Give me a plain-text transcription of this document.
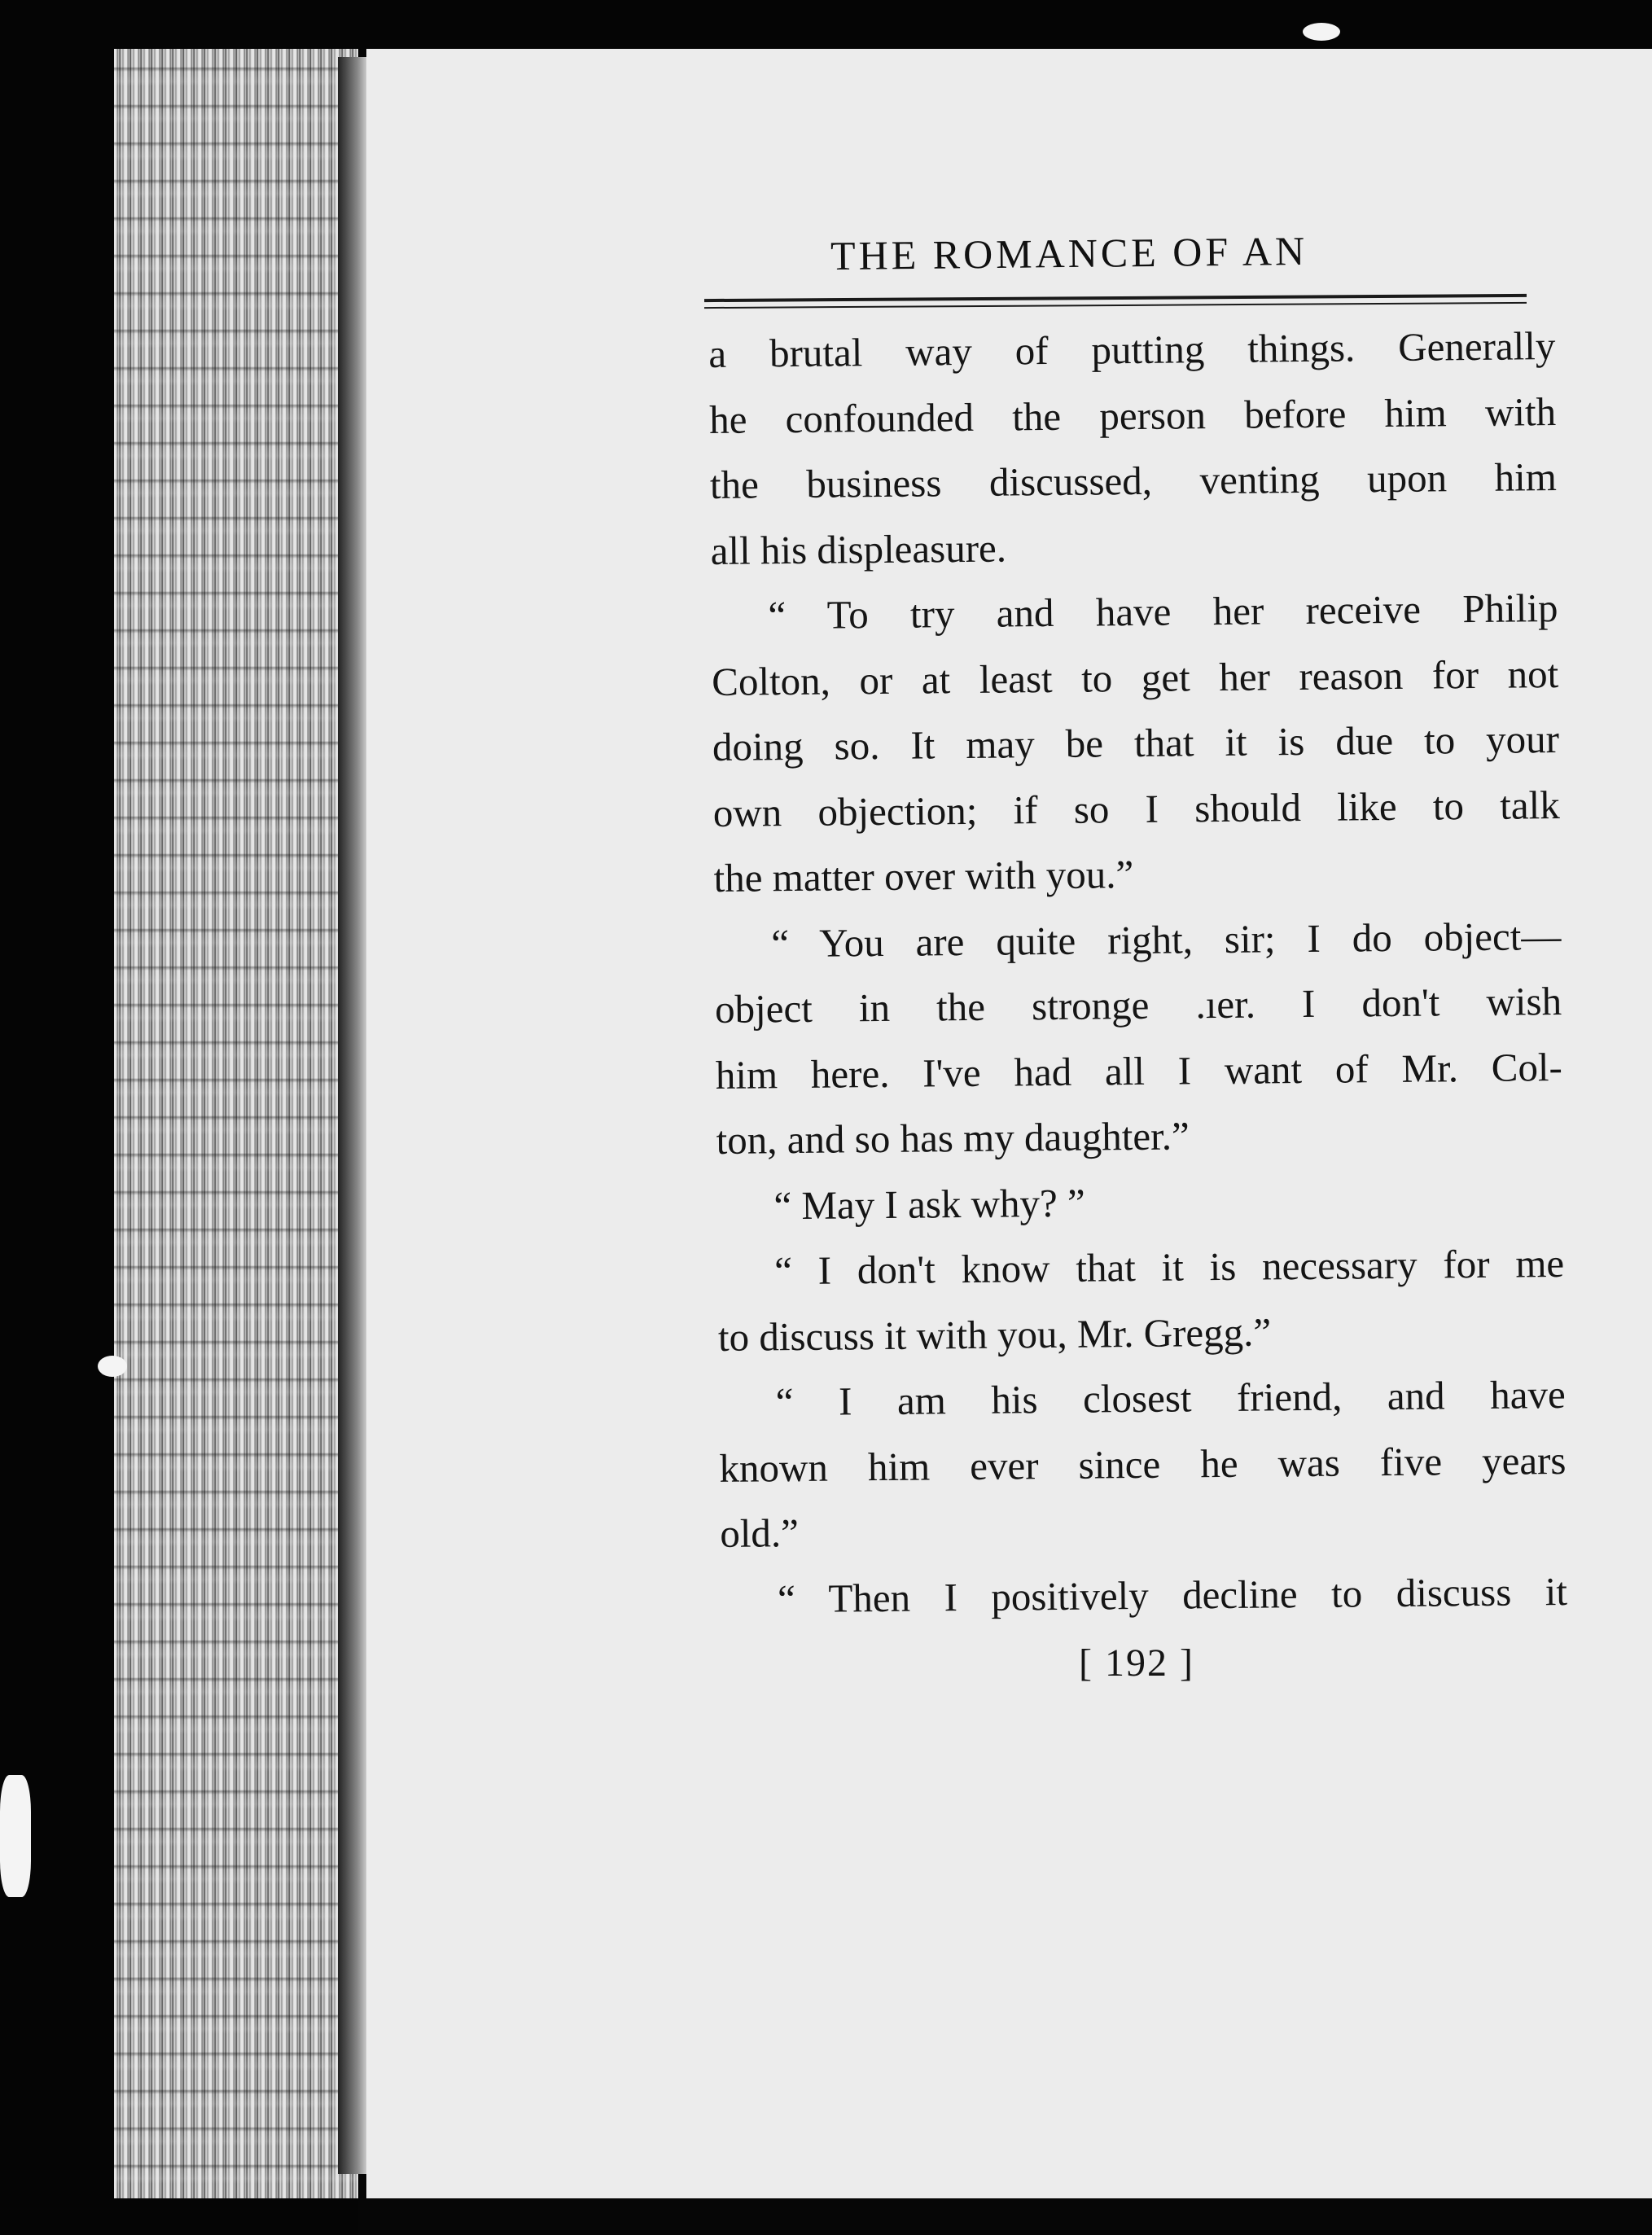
THE ROMANCE OF AN
a brutal way of putting things. Generally
he confounded the person before him with
the business discussed, venting upon him
all his displeasure.
“ To try and have her receive Philip
Colton, or at least to get her reason for not
doing so. It may be that it is due to your
own objection; if so I should like to talk
the matter over with you.”
“ You are quite right, sir; I do object—
object in the stronge .ıer. I don't wish
him here. I've had all I want of Mr. Col-
ton, and so has my daughter.”
“ May I ask why? ”
“ I don't know that it is necessary for me
to discuss it with you, Mr. Gregg.”
“ I am his closest friend, and have
known him ever since he was five years
old.”
“ Then I positively decline to discuss it
[ 192 ]
